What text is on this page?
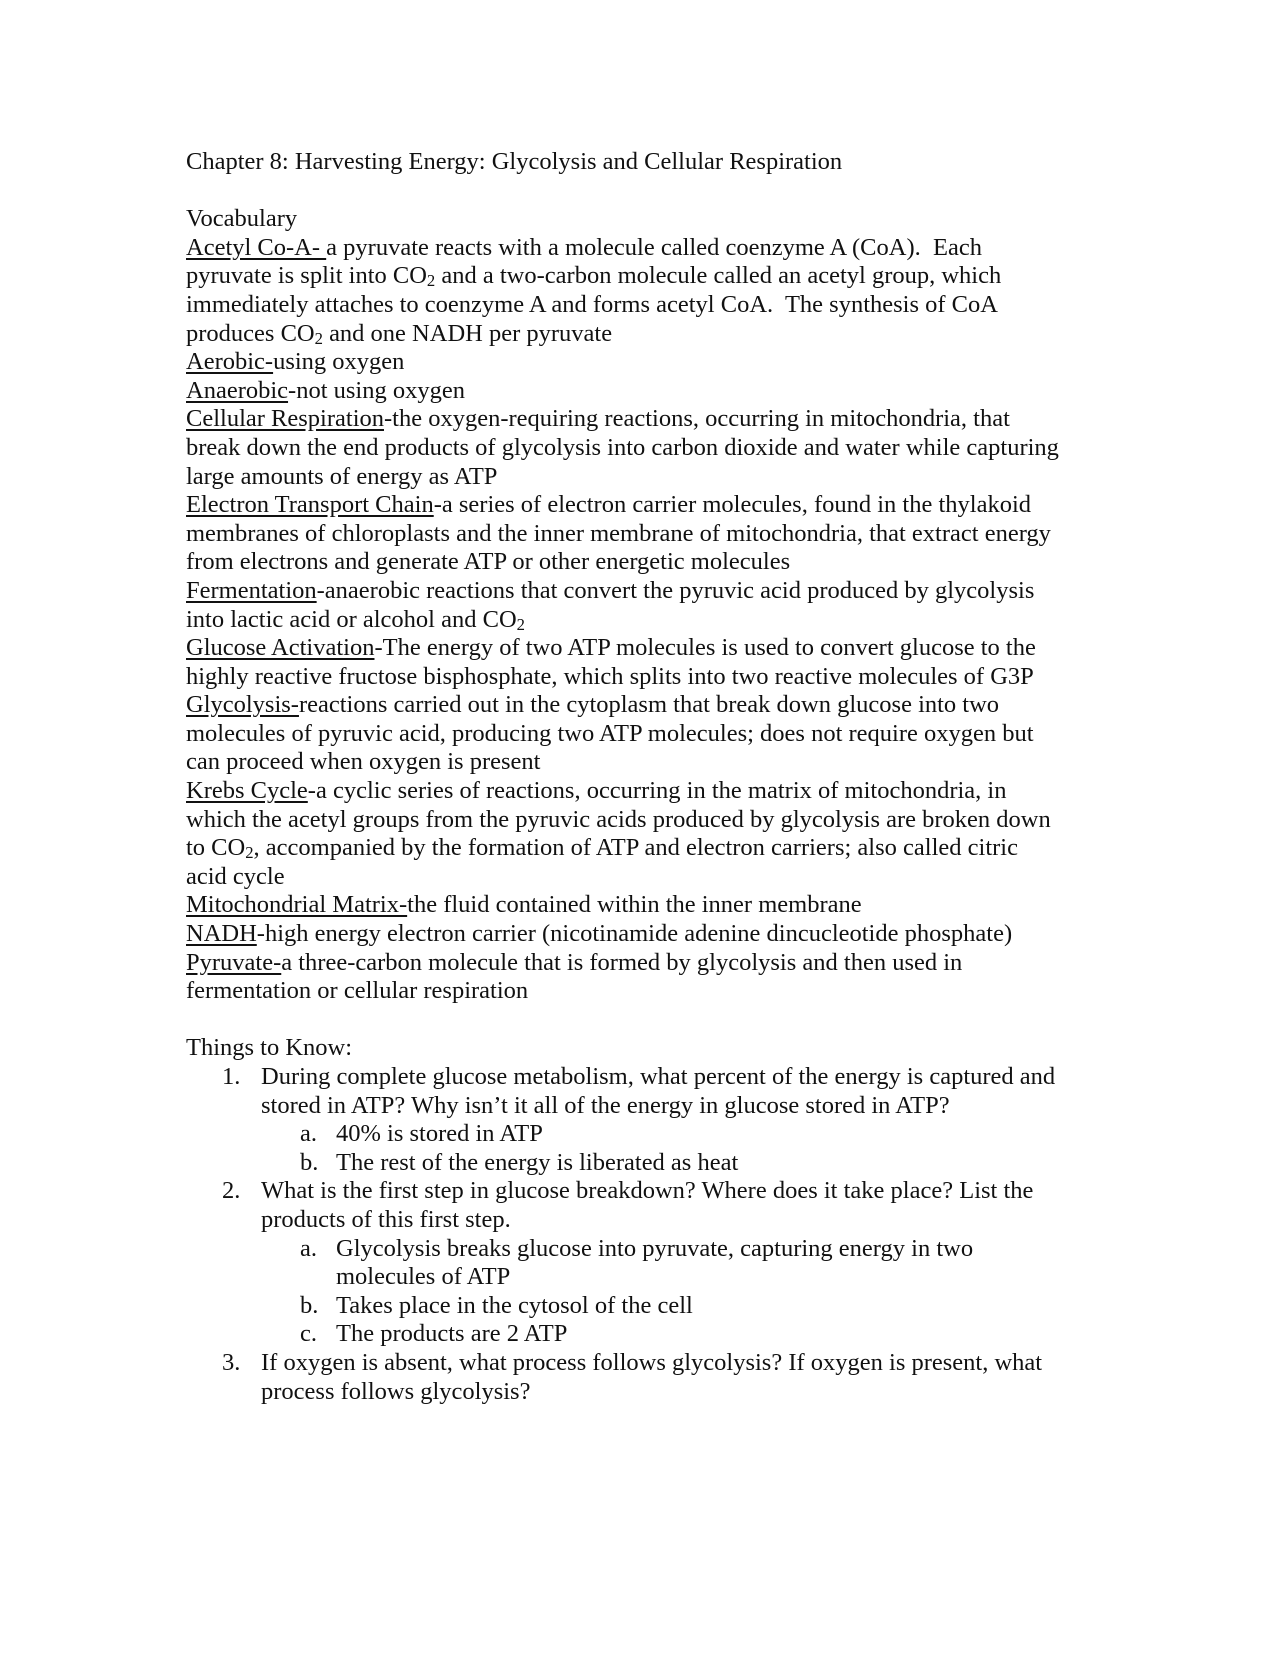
Chapter 8: Harvesting Energy: Glycolysis and Cellular Respiration
Vocabulary
Acetyl Co-A- a pyruvate reacts with a molecule called coenzyme A (CoA).  Each
pyruvate is split into $CO_2$ and a two-carbon molecule called an acetyl group, which
immediately attaches to coenzyme A and forms acetyl CoA.  The synthesis of CoA
produces $CO_2$ and one NADH per pyruvate
Aerobic-using oxygen
Anaerobic-not using oxygen
Cellular Respiration-the oxygen-requiring reactions, occurring in mitochondria, that
break down the end products of glycolysis into carbon dioxide and water while capturing
large amounts of energy as ATP
Electron Transport Chain-a series of electron carrier molecules, found in the thylakoid
membranes of chloroplasts and the inner membrane of mitochondria, that extract energy
from electrons and generate ATP or other energetic molecules
Fermentation-anaerobic reactions that convert the pyruvic acid produced by glycolysis
into lactic acid or alcohol and $CO_2$
Glucose Activation-The energy of two ATP molecules is used to convert glucose to the
highly reactive fructose bisphosphate, which splits into two reactive molecules of G3P
Glycolysis-reactions carried out in the cytoplasm that break down glucose into two
molecules of pyruvic acid, producing two ATP molecules; does not require oxygen but
can proceed when oxygen is present
Krebs Cycle-a cyclic series of reactions, occurring in the matrix of mitochondria, in
which the acetyl groups from the pyruvic acids produced by glycolysis are broken down
to $CO_2$, accompanied by the formation of ATP and electron carriers; also called citric
acid cycle
Mitochondrial Matrix-the fluid contained within the inner membrane
NADH-high energy electron carrier (nicotinamide adenine dincucleotide phosphate)
Pyruvate-a three-carbon molecule that is formed by glycolysis and then used in
fermentation or cellular respiration
Things to Know:
1. During complete glucose metabolism, what percent of the energy is captured and
stored in ATP? Why isn’t it all of the energy in glucose stored in ATP?
a. 40% is stored in ATP
b. The rest of the energy is liberated as heat
2. What is the first step in glucose breakdown? Where does it take place? List the
products of this first step.
a. Glycolysis breaks glucose into pyruvate, capturing energy in two
molecules of ATP
b. Takes place in the cytosol of the cell
c. The products are 2 ATP
3. If oxygen is absent, what process follows glycolysis? If oxygen is present, what
process follows glycolysis?
